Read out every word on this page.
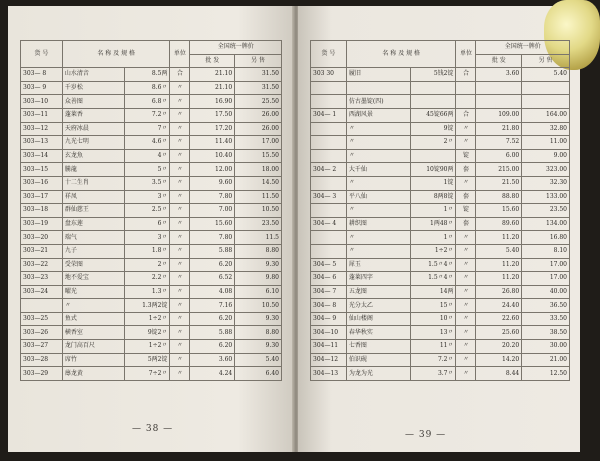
货 号	名 称 及 规 格		单位	全国统一牌价	
				批 发	另 售
303— 8	山水清音	8.5两	合	21.10	31.50
303— 9	千岁松	8.6〃	〃	21.10	31.50
303—10	众善图	6.8〃	〃	16.90	25.50
303—11	蓬莱香	7.2〃	〃	17.50	26.00
303—12	天府冰晨	7〃	〃	17.20	26.00
303—13	九光七明	4.6〃	〃	11.40	17.00
303—14	玄龙魚	4〃	〃	10.40	15.50
303—15	騰龍	5〃	〃	12.00	18.00
303—16	十二生肖	3.5〃	〃	9.60	14.50
303—17	祥凤	3〃	〃	7.80	11.50
303—18	群仙慈王	2.5〃	〃	7.00	10.50
303—19	盘东莲	6〃	〃	15.60	23.50
303—20	瑞气	3〃	〃	7.80	11.5
303—21	九子	1.8〃	〃	5.88	8.80
303—22	受荣图	2〃	〃	6.20	9.30
303—23	地不爱宝	2.2〃	〃	6.52	9.80
303—24	曜光	1.3〃	〃	4.08	6.10
	〃	1.3两2锭	〃	7.16	10.50
303—25	鱼式	1÷2〃	〃	6.20	9.30
303—26	横香室	9锭2〃	〃	5.88	8.80
303—27	龙门高百尺	1÷2〃	〃	6.20	9.30
303—28	席竹	5两2锭	〃	3.60	5.40
303—29	蓐龙黄	7÷2〃	〃	4.24	6.40
货 号	名 称 及 规 格		单位	全国统一牌价	
				批 发	另 售
303 30	履旧	5钱2锭	合	3.60	5.40

	仿古墨锭(四)				
304— 1	西湖风景	45锭66两	合	109.00	164.00
	〃	9锭	〃	21.80	32.80
	〃	2〃	〃	7.52	11.00
	〃		锭	6.00	9.00
304— 2	大千仙	10锭90两	套	215.00	323.00
	〃	1锭	〃	21.50	32.30
304— 3	平八仙	8两8锭	套	88.80	133.00
	〃	1〃	锭	15.60	23.50
304— 4	耕织图	1两48〃	套	89.60	134.00
	〃	1〃	〃	11.20	16.80
	〃	1÷2〃	〃	5.40	8.10
304— 5	犀玉	1.5〃4〃	〃	11.20	17.00
304— 6	蓬莱四字	1.5〃4〃	〃	11.20	17.00
304— 7	五龙图	14两	〃	26.80	40.00
304— 8	光分太乙	15〃	〃	24.40	36.50
304— 9	仙山楼阁	10〃	〃	22.60	33.50
304—10	春华秋实	13〃	〃	25.60	38.50
304—11	七香图	11〃	〃	20.20	30.00
304—12	伯识砚	7.2〃	〃	14.20	21.00
304—13	为龙为光	3.7〃	〃	8.44	12.50
— 38 —
— 39 —
